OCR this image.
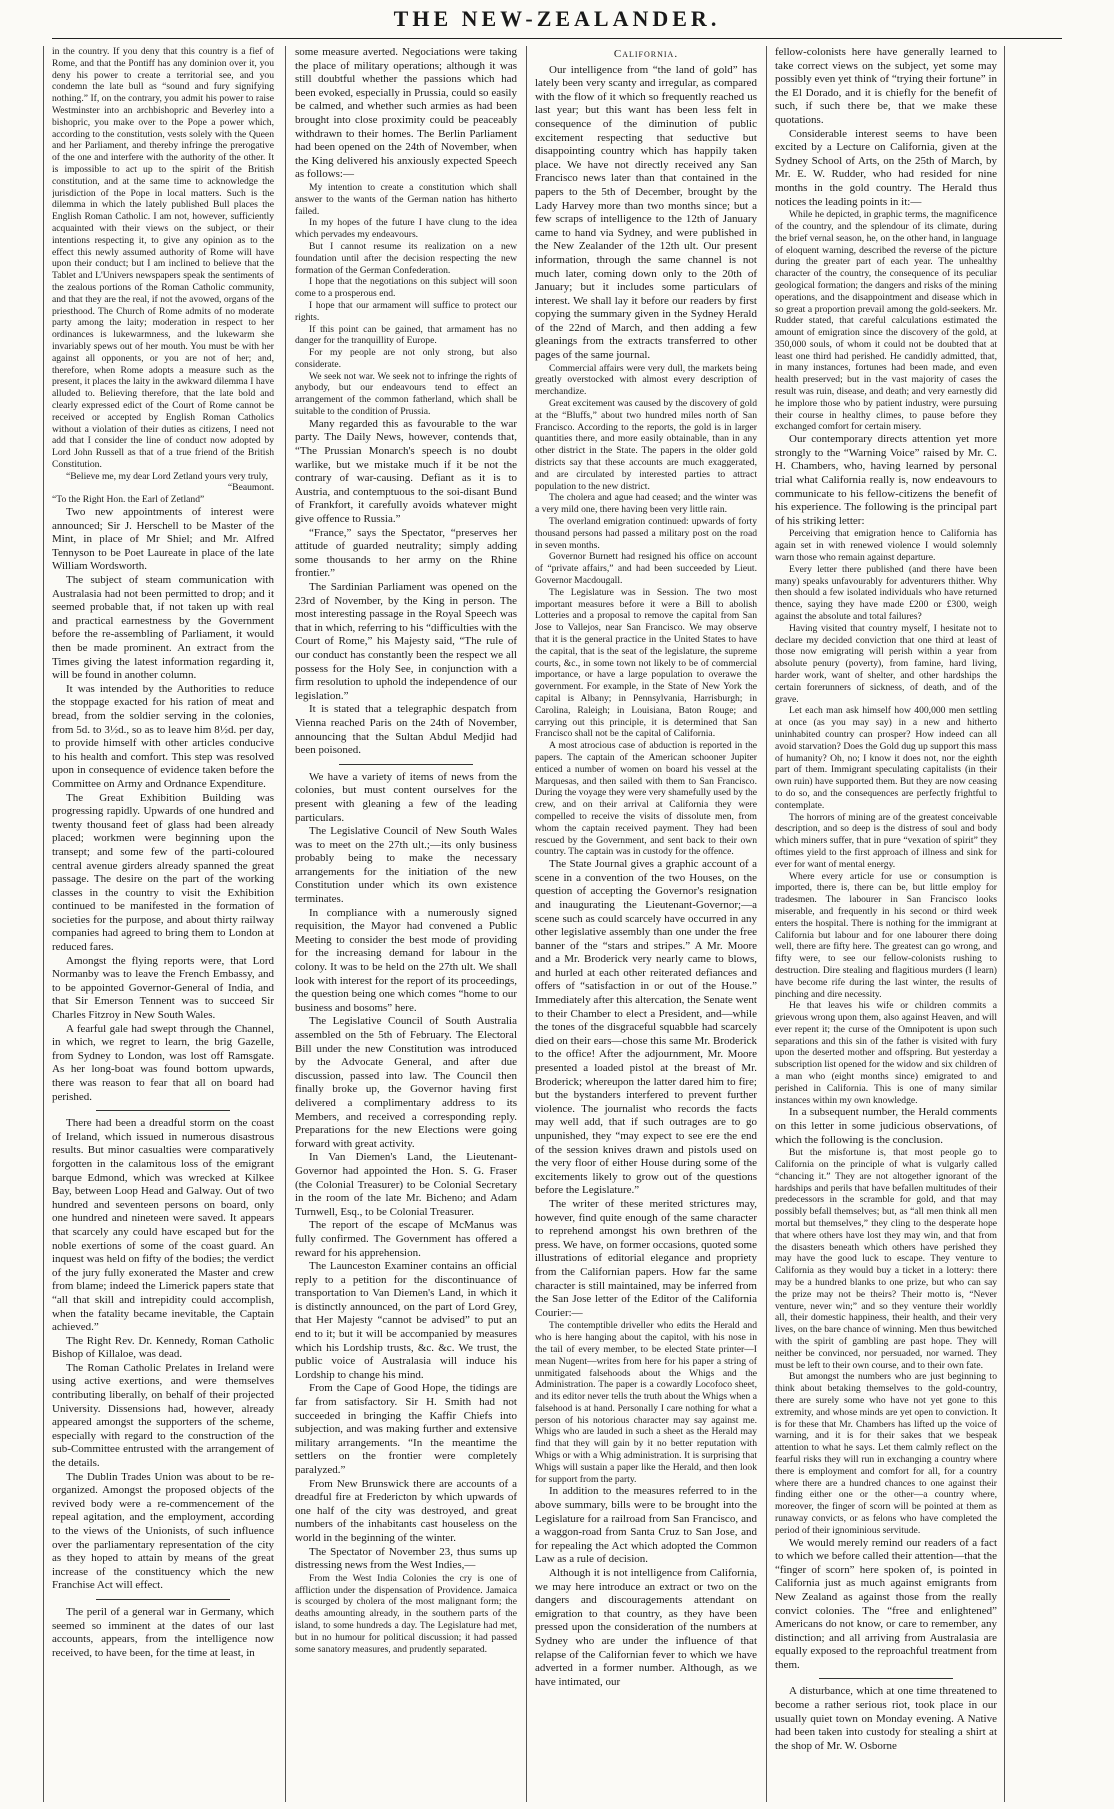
THE NEW-ZEALANDER.

in the country. If you deny that this country is a fief of Rome, and that the Pontiff has any dominion over it, you deny his power to create a territorial see, and you condemn the late bull as “sound and fury signifying nothing.” If, on the contrary, you admit his power to raise Westminster into an archbishopric and Beverley into a bishopric, you make over to the Pope a power which, according to the constitution, vests solely with the Queen and her Parliament, and thereby infringe the prerogative of the one and interfere with the authority of the other. It is impossible to act up to the spirit of the British constitution, and at the same time to acknowledge the jurisdiction of the Pope in local matters. Such is the dilemma in which the lately published Bull places the English Roman Catholic. I am not, however, sufficiently acquainted with their views on the subject, or their intentions respecting it, to give any opinion as to the effect this newly assumed authority of Rome will have upon their conduct; but I am inclined to believe that the Tablet and L'Univers newspapers speak the sentiments of the zealous portions of the Roman Catholic community, and that they are the real, if not the avowed, organs of the priesthood. The Church of Rome admits of no moderate party among the laity; moderation in respect to her ordinances is lukewarmness, and the lukewarm she invariably spews out of her mouth. You must be with her against all opponents, or you are not of her; and, therefore, when Rome adopts a measure such as the present, it places the laity in the awkward dilemma I have alluded to. Believing therefore, that the late bold and clearly expressed edict of the Court of Rome cannot be received or accepted by English Roman Catholics without a violation of their duties as citizens, I need not add that I consider the line of conduct now adopted by Lord John Russell as that of a true friend of the British Constitution.

“Believe me, my dear Lord Zetland yours very truly,

“Beaumont.

“To the Right Hon. the Earl of Zetland”

Two new appointments of interest were announced; Sir J. Herschell to be Master of the Mint, in place of Mr Shiel; and Mr. Alfred Tennyson to be Poet Laureate in place of the late William Wordsworth.

The subject of steam communication with Australasia had not been permitted to drop; and it seemed probable that, if not taken up with real and practical earnestness by the Government before the re-assembling of Parliament, it would then be made prominent. An extract from the Times giving the latest information regarding it, will be found in another column.

It was intended by the Authorities to reduce the stoppage exacted for his ration of meat and bread, from the soldier serving in the colonies, from 5d. to 3½d., so as to leave him 8½d. per day, to provide himself with other articles conducive to his health and comfort. This step was resolved upon in consequence of evidence taken before the Committee on Army and Ordnance Expenditure.

The Great Exhibition Building was progressing rapidly. Upwards of one hundred and twenty thousand feet of glass had been already placed; workmen were beginning upon the transept; and some few of the parti-coloured central avenue girders already spanned the great passage. The desire on the part of the working classes in the country to visit the Exhibition continued to be manifested in the formation of societies for the purpose, and about thirty railway companies had agreed to bring them to London at reduced fares.

Amongst the flying reports were, that Lord Normanby was to leave the French Embassy, and to be appointed Governor-General of India, and that Sir Emerson Tennent was to succeed Sir Charles Fitzroy in New South Wales.

A fearful gale had swept through the Channel, in which, we regret to learn, the brig Gazelle, from Sydney to London, was lost off Ramsgate. As her long-boat was found bottom upwards, there was reason to fear that all on board had perished.

There had been a dreadful storm on the coast of Ireland, which issued in numerous disastrous results. But minor casualties were comparatively forgotten in the calamitous loss of the emigrant barque Edmond, which was wrecked at Kilkee Bay, between Loop Head and Galway. Out of two hundred and seventeen persons on board, only one hundred and nineteen were saved. It appears that scarcely any could have escaped but for the noble exertions of some of the coast guard. An inquest was held on fifty of the bodies; the verdict of the jury fully exonerated the Master and crew from blame; indeed the Limerick papers state that “all that skill and intrepidity could accomplish, when the fatality became inevitable, the Captain achieved.”

The Right Rev. Dr. Kennedy, Roman Catholic Bishop of Killaloe, was dead.

The Roman Catholic Prelates in Ireland were using active exertions, and were themselves contributing liberally, on behalf of their projected University. Dissensions had, however, already appeared amongst the supporters of the scheme, especially with regard to the construction of the sub-Committee entrusted with the arrangement of the details.

The Dublin Trades Union was about to be re-organized. Amongst the proposed objects of the revived body were a re-commencement of the repeal agitation, and the employment, according to the views of the Unionists, of such influence over the parliamentary representation of the city as they hoped to attain by means of the great increase of the constituency which the new Franchise Act will effect.

The peril of a general war in Germany, which seemed so imminent at the dates of our last accounts, appears, from the intelligence now received, to have been, for the time at least, in

some measure averted. Negociations were taking the place of military operations; although it was still doubtful whether the passions which had been evoked, especially in Prussia, could so easily be calmed, and whether such armies as had been brought into close proximity could be peaceably withdrawn to their homes. The Berlin Parliament had been opened on the 24th of November, when the King delivered his anxiously expected Speech as follows:—

My intention to create a constitution which shall answer to the wants of the German nation has hitherto failed.

In my hopes of the future I have clung to the idea which pervades my endeavours.

But I cannot resume its realization on a new foundation until after the decision respecting the new formation of the German Confederation.

I hope that the negotiations on this subject will soon come to a prosperous end.

I hope that our armament will suffice to protect our rights.

If this point can be gained, that armament has no danger for the tranquillity of Europe.

For my people are not only strong, but also considerate.

We seek not war. We seek not to infringe the rights of anybody, but our endeavours tend to effect an arrangement of the common fatherland, which shall be suitable to the condition of Prussia.

Many regarded this as favourable to the war party. The Daily News, however, contends that, “The Prussian Monarch's speech is no doubt warlike, but we mistake much if it be not the contrary of war-causing. Defiant as it is to Austria, and contemptuous to the soi-disant Bund of Frankfort, it carefully avoids whatever might give offence to Russia.”

“France,” says the Spectator, “preserves her attitude of guarded neutrality; simply adding some thousands to her army on the Rhine frontier.”

The Sardinian Parliament was opened on the 23rd of November, by the King in person. The most interesting passage in the Royal Speech was that in which, referring to his “difficulties with the Court of Rome,” his Majesty said, “The rule of our conduct has constantly been the respect we all possess for the Holy See, in conjunction with a firm resolution to uphold the independence of our legislation.”

It is stated that a telegraphic despatch from Vienna reached Paris on the 24th of November, announcing that the Sultan Abdul Medjid had been poisoned.

We have a variety of items of news from the colonies, but must content ourselves for the present with gleaning a few of the leading particulars.

The Legislative Council of New South Wales was to meet on the 27th ult.;—its only business probably being to make the necessary arrangements for the initiation of the new Constitution under which its own existence terminates.

In compliance with a numerously signed requisition, the Mayor had convened a Public Meeting to consider the best mode of providing for the increasing demand for labour in the colony. It was to be held on the 27th ult. We shall look with interest for the report of its proceedings, the question being one which comes “home to our business and bosoms” here.

The Legislative Council of South Australia assembled on the 5th of February. The Electoral Bill under the new Constitution was introduced by the Advocate General, and after due discussion, passed into law. The Council then finally broke up, the Governor having first delivered a complimentary address to its Members, and received a corresponding reply. Preparations for the new Elections were going forward with great activity.

In Van Diemen's Land, the Lieutenant-Governor had appointed the Hon. S. G. Fraser (the Colonial Treasurer) to be Colonial Secretary in the room of the late Mr. Bicheno; and Adam Turnwell, Esq., to be Colonial Treasurer.

The report of the escape of McManus was fully confirmed. The Government has offered a reward for his apprehension.

The Launceston Examiner contains an official reply to a petition for the discontinuance of transportation to Van Diemen's Land, in which it is distinctly announced, on the part of Lord Grey, that Her Majesty “cannot be advised” to put an end to it; but it will be accompanied by measures which his Lordship trusts, &c. &c. We trust, the public voice of Australasia will induce his Lordship to change his mind.

From the Cape of Good Hope, the tidings are far from satisfactory. Sir H. Smith had not succeeded in bringing the Kaffir Chiefs into subjection, and was making further and extensive military arrangements. “In the meantime the settlers on the frontier were completely paralyzed.”

From New Brunswick there are accounts of a dreadful fire at Fredericton by which upwards of one half of the city was destroyed, and great numbers of the inhabitants cast houseless on the world in the beginning of the winter.

The Spectator of November 23, thus sums up distressing news from the West Indies,—

From the West India Colonies the cry is one of affliction under the dispensation of Providence. Jamaica is scourged by cholera of the most malignant form; the deaths amounting already, in the southern parts of the island, to some hundreds a day. The Legislature had met, but in no humour for political discussion; it had passed some sanatory measures, and prudently separated.

California.

Our intelligence from “the land of gold” has lately been very scanty and irregular, as compared with the flow of it which so frequently reached us last year; but this want has been less felt in consequence of the diminution of public excitement respecting that seductive but disappointing country which has happily taken place. We have not directly received any San Francisco news later than that contained in the papers to the 5th of December, brought by the Lady Harvey more than two months since; but a few scraps of intelligence to the 12th of January came to hand via Sydney, and were published in the New Zealander of the 12th ult. Our present information, through the same channel is not much later, coming down only to the 20th of January; but it includes some particulars of interest. We shall lay it before our readers by first copying the summary given in the Sydney Herald of the 22nd of March, and then adding a few gleanings from the extracts transferred to other pages of the same journal.

Commercial affairs were very dull, the markets being greatly overstocked with almost every description of merchandize.

Great excitement was caused by the discovery of gold at the “Bluffs,” about two hundred miles north of San Francisco. According to the reports, the gold is in larger quantities there, and more easily obtainable, than in any other district in the State. The papers in the older gold districts say that these accounts are much exaggerated, and are circulated by interested parties to attract population to the new district.

The cholera and ague had ceased; and the winter was a very mild one, there having been very little rain.

The overland emigration continued: upwards of forty thousand persons had passed a military post on the road in seven months.

Governor Burnett had resigned his office on account of “private affairs,” and had been succeeded by Lieut. Governor Macdougall.

The Legislature was in Session. The two most important measures before it were a Bill to abolish Lotteries and a proposal to remove the capital from San Jose to Vallejos, near San Francisco. We may observe that it is the general practice in the United States to have the capital, that is the seat of the legislature, the supreme courts, &c., in some town not likely to be of commercial importance, or have a large population to overawe the government. For example, in the State of New York the capital is Albany; in Pennsylvania, Harrisburgh; in Carolina, Raleigh; in Louisiana, Baton Rouge; and carrying out this principle, it is determined that San Francisco shall not be the capital of California.

A most atrocious case of abduction is reported in the papers. The captain of the American schooner Jupiter enticed a number of women on board his vessel at the Marquesas, and then sailed with them to San Francisco. During the voyage they were very shamefully used by the crew, and on their arrival at California they were compelled to receive the visits of dissolute men, from whom the captain received payment. They had been rescued by the Government, and sent back to their own country. The captain was in custody for the offence.

The State Journal gives a graphic account of a scene in a convention of the two Houses, on the question of accepting the Governor's resignation and inaugurating the Lieutenant-Governor;—a scene such as could scarcely have occurred in any other legislative assembly than one under the free banner of the “stars and stripes.” A Mr. Moore and a Mr. Broderick very nearly came to blows, and hurled at each other reiterated defiances and offers of “satisfaction in or out of the House.” Immediately after this altercation, the Senate went to their Chamber to elect a President, and—while the tones of the disgraceful squabble had scarcely died on their ears—chose this same Mr. Broderick to the office! After the adjournment, Mr. Moore presented a loaded pistol at the breast of Mr. Broderick; whereupon the latter dared him to fire; but the bystanders interfered to prevent further violence. The journalist who records the facts may well add, that if such outrages are to go unpunished, they “may expect to see ere the end of the session knives drawn and pistols used on the very floor of either House during some of the excitements likely to grow out of the questions before the Legislature.”

The writer of these merited strictures may, however, find quite enough of the same character to reprehend amongst his own brethren of the press. We have, on former occasions, quoted some illustrations of editorial elegance and propriety from the Californian papers. How far the same character is still maintained, may be inferred from the San Jose letter of the Editor of the California Courier:—

The contemptible driveller who edits the Herald and who is here hanging about the capitol, with his nose in the tail of every member, to be elected State printer—I mean Nugent—writes from here for his paper a string of unmitigated falsehoods about the Whigs and the Administration. The paper is a cowardly Locofoco sheet, and its editor never tells the truth about the Whigs when a falsehood is at hand. Personally I care nothing for what a person of his notorious character may say against me. Whigs who are lauded in such a sheet as the Herald may find that they will gain by it no better reputation with Whigs or with a Whig administration. It is surprising that Whigs will sustain a paper like the Herald, and then look for support from the party.

In addition to the measures referred to in the above summary, bills were to be brought into the Legislature for a railroad from San Francisco, and a waggon-road from Santa Cruz to San Jose, and for repealing the Act which adopted the Common Law as a rule of decision.

Although it is not intelligence from California, we may here introduce an extract or two on the dangers and discouragements attendant on emigration to that country, as they have been pressed upon the consideration of the numbers at Sydney who are under the influence of that relapse of the Californian fever to which we have adverted in a former number. Although, as we have intimated, our

fellow-colonists here have generally learned to take correct views on the subject, yet some may possibly even yet think of “trying their fortune” in the El Dorado, and it is chiefly for the benefit of such, if such there be, that we make these quotations.

Considerable interest seems to have been excited by a Lecture on California, given at the Sydney School of Arts, on the 25th of March, by Mr. E. W. Rudder, who had resided for nine months in the gold country. The Herald thus notices the leading points in it:—

While he depicted, in graphic terms, the magnificence of the country, and the splendour of its climate, during the brief vernal season, he, on the other hand, in language of eloquent warning, described the reverse of the picture during the greater part of each year. The unhealthy character of the country, the consequence of its peculiar geological formation; the dangers and risks of the mining operations, and the disappointment and disease which in so great a proportion prevail among the gold-seekers. Mr. Rudder stated, that careful calculations estimated the amount of emigration since the discovery of the gold, at 350,000 souls, of whom it could not be doubted that at least one third had perished. He candidly admitted, that, in many instances, fortunes had been made, and even health preserved; but in the vast majority of cases the result was ruin, disease, and death; and very earnestly did he implore those who by patient industry, were pursuing their course in healthy climes, to pause before they exchanged comfort for certain misery.

Our contemporary directs attention yet more strongly to the “Warning Voice” raised by Mr. C. H. Chambers, who, having learned by personal trial what California really is, now endeavours to communicate to his fellow-citizens the benefit of his experience. The following is the principal part of his striking letter:

Perceiving that emigration hence to California has again set in with renewed violence I would solemnly warn those who remain against departure.

Every letter there published (and there have been many) speaks unfavourably for adventurers thither. Why then should a few isolated individuals who have returned thence, saying they have made £200 or £300, weigh against the absolute and total failures?

Having visited that country myself, I hesitate not to declare my decided conviction that one third at least of those now emigrating will perish within a year from absolute penury (poverty), from famine, hard living, harder work, want of shelter, and other hardships the certain forerunners of sickness, of death, and of the grave.

Let each man ask himself how 400,000 men settling at once (as you may say) in a new and hitherto uninhabited country can prosper? How indeed can all avoid starvation? Does the Gold dug up support this mass of humanity? Oh, no; I know it does not, nor the eighth part of them. Immigrant speculating capitalists (in their own ruin) have supported them. But they are now ceasing to do so, and the consequences are perfectly frightful to contemplate.

The horrors of mining are of the greatest conceivable description, and so deep is the distress of soul and body which miners suffer, that in pure “vexation of spirit” they oftimes yield to the first approach of illness and sink for ever for want of mental energy.

Where every article for use or consumption is imported, there is, there can be, but little employ for tradesmen. The labourer in San Francisco looks miserable, and frequently in his second or third week enters the hospital. There is nothing for the immigrant at California but labour and for one labourer there doing well, there are fifty here. The greatest can go wrong, and fifty were, to see our fellow-colonists rushing to destruction. Dire stealing and flagitious murders (I learn) have become rife during the last winter, the results of pinching and dire necessity.

He that leaves his wife or children commits a grievous wrong upon them, also against Heaven, and will ever repent it; the curse of the Omnipotent is upon such separations and this sin of the father is visited with fury upon the deserted mother and offspring. But yesterday a subscription list opened for the widow and six children of a man who (eight months since) emigrated to and perished in California. This is one of many similar instances within my own knowledge.

In a subsequent number, the Herald comments on this letter in some judicious observations, of which the following is the conclusion.

But the misfortune is, that most people go to California on the principle of what is vulgarly called “chancing it.” They are not altogether ignorant of the hardships and perils that have befallen multitudes of their predecessors in the scramble for gold, and that may possibly befall themselves; but, as “all men think all men mortal but themselves,” they cling to the desperate hope that where others have lost they may win, and that from the disasters beneath which others have perished they may have the good luck to escape. They venture to California as they would buy a ticket in a lottery: there may be a hundred blanks to one prize, but who can say the prize may not be theirs? Their motto is, “Never venture, never win;” and so they venture their worldly all, their domestic happiness, their health, and their very lives, on the bare chance of winning. Men thus bewitched with the spirit of gambling are past hope. They will neither be convinced, nor persuaded, nor warned. They must be left to their own course, and to their own fate.

But amongst the numbers who are just beginning to think about betaking themselves to the gold-country, there are surely some who have not yet gone to this extremity, and whose minds are yet open to conviction. It is for these that Mr. Chambers has lifted up the voice of warning, and it is for their sakes that we bespeak attention to what he says. Let them calmly reflect on the fearful risks they will run in exchanging a country where there is employment and comfort for all, for a country where there are a hundred chances to one against their finding either one or the other—a country where, moreover, the finger of scorn will be pointed at them as runaway convicts, or as felons who have completed the period of their ignominious servitude.

We would merely remind our readers of a fact to which we before called their attention—that the “finger of scorn” here spoken of, is pointed in California just as much against emigrants from New Zealand as against those from the really convict colonies. The “free and enlightened” Americans do not know, or care to remember, any distinction; and all arriving from Australasia are equally exposed to the reproachful treatment from them.

A disturbance, which at one time threatened to become a rather serious riot, took place in our usually quiet town on Monday evening. A Native had been taken into custody for stealing a shirt at the shop of Mr. W. Osborne
